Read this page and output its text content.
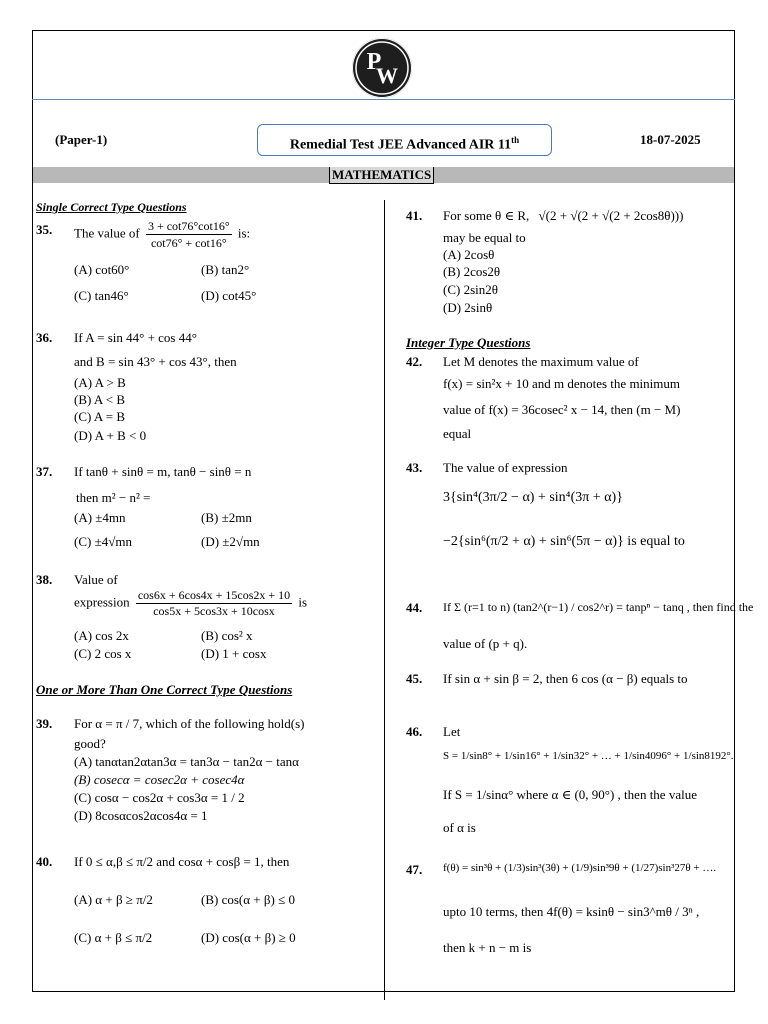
P
W
(Paper-1)	Remedial Test JEE Advanced AIR 11th	18-07-2025
MATHEMATICS
Single Correct Type Questions
35. The value of $\frac{3 + \cot 76^\circ\cot 16^\circ}{\cot 76^\circ + \cot 16^\circ}$ is:
(A) cot60°	(B) tan2°
(C) tan46°	(D) cot45°
36. If A = sin 44° + cos 44°
and B = sin 43° + cos 43°, then
(A) A > B
(B) A < B
(C) A = B
(D) A + B < 0
37. If tanθ + sinθ = m, tanθ − sinθ = n
then m² − n² =
(A) ±4mn	(B) ±2mn
(C) ±4√mn	(D) ±2√mn
38. Value of
expression $\frac{\cos 6x + 6\cos 4x + 15\cos 2x + 10}{\cos 5x + 5\cos 3x + 10\cos x}$ is
(A) cos 2x	(B) cos² x
(C) 2 cos x	(D) 1 + cosx
One or More Than One Correct Type Questions
39. For α = π / 7, which of the following hold(s)
good?
(A) tanαtan2αtan3α = tan3α − tan2α − tanα
(B) cosecα = cosec2α + cosec4α
(C) cosα − cos2α + cos3α = 1 / 2
(D) 8cosαcos2αcos4α = 1
40. If 0 ≤ α,β ≤ π/2 and cosα + cosβ = 1, then
(A) α + β ≥ π/2	(B) cos(α + β) ≤ 0
(C) α + β ≤ π/2	(D) cos(α + β) ≥ 0
41. For some θ ∈ R, √(2 + √(2 + √(2 + 2cos8θ)))
may be equal to
(A) 2cosθ
(B) 2cos2θ
(C) 2sin2θ
(D) 2sinθ
Integer Type Questions
42. Let M denotes the maximum value of
f(x) = sin²x + 10 and m denotes the minimum
value of f(x) = 36cosec² x − 14, then (m − M)
equal
43. The value of expression
3{sin⁴(3π/2 − α) + sin⁴(3π + α)}
−2{sin⁶(π/2 + α) + sin⁶(5π − α)} is equal to
44. If Σ (r=1 to n) (tan2^(r−1) / cos2^r) = tanpⁿ − tanq , then find the
value of (p + q).
45. If sin α + sin β = 2, then 6 cos (α − β) equals to
46. Let
S = 1/sin8° + 1/sin16° + 1/sin32° + … + 1/sin4096° + 1/sin8192°.
If S = 1/sinα° where α ∈ (0, 90°) , then the value
of α is
47. f(θ) = sin³θ + (1/3)sin³(3θ) + (1/9)sin³9θ + (1/27)sin³27θ + ….
upto 10 terms, then 4f(θ) = ksinθ − sin3^mθ / 3ⁿ ,
then k + n − m is
